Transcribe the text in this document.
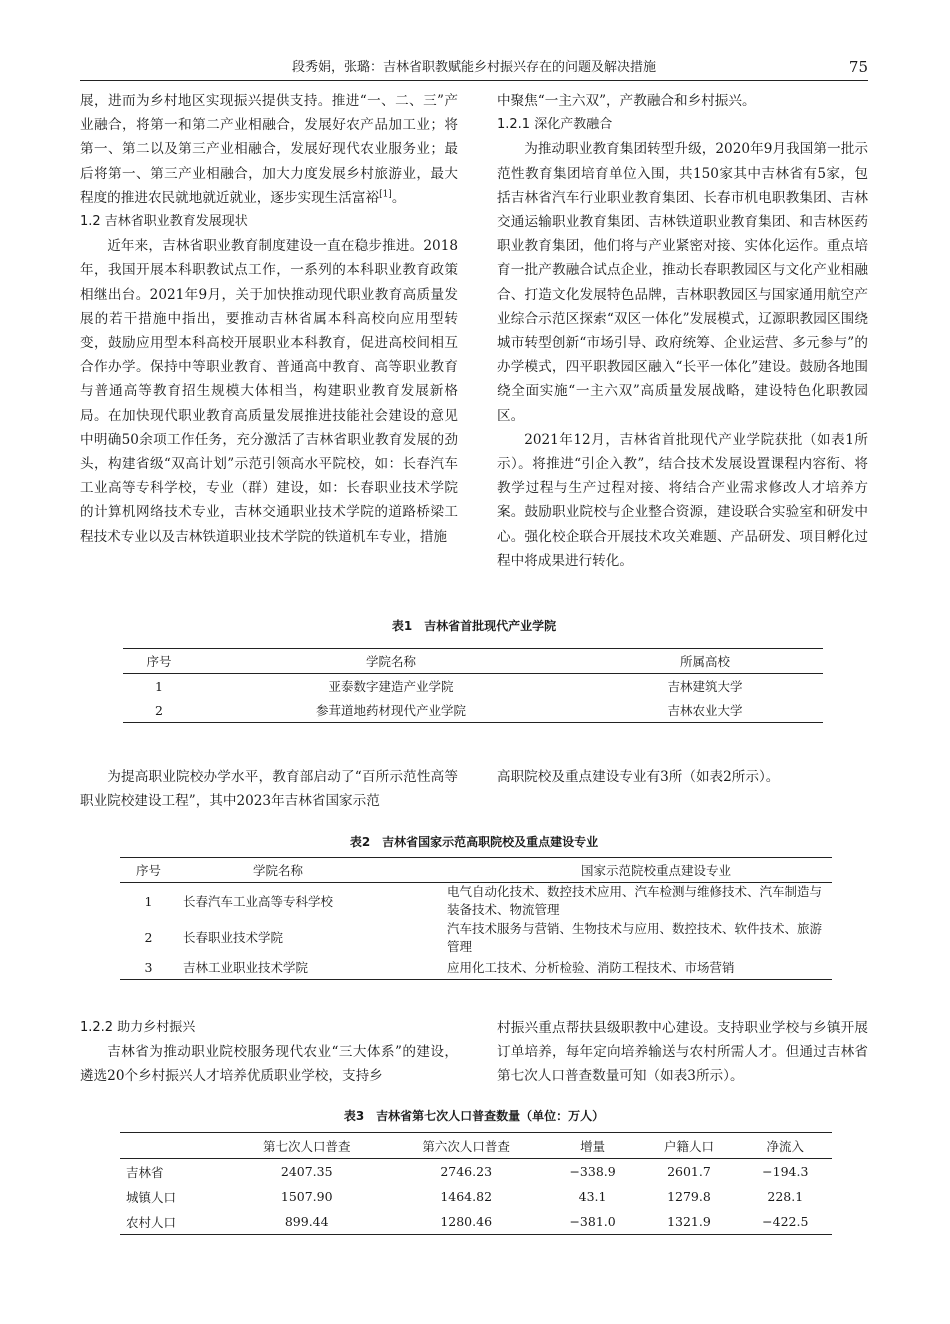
段秀娟，张璐：吉林省职教赋能乡村振兴存在的问题及解决措施	75

展，进而为乡村地区实现振兴提供支持。推进“一、二、三”产业融合，将第一和第二产业相融合，发展好农产品加工业；将第一、第二以及第三产业相融合，发展好现代农业服务业；最后将第一、第三产业相融合，加大力度发展乡村旅游业，最大程度的推进农民就地就近就业，逐步实现生活富裕[1]。

1.2 吉林省职业教育发展现状

近年来，吉林省职业教育制度建设一直在稳步推进。2018年，我国开展本科职教试点工作，一系列的本科职业教育政策相继出台。2021年9月，关于加快推动现代职业教育高质量发展的若干措施中指出，要推动吉林省属本科高校向应用型转变，鼓励应用型本科高校开展职业本科教育，促进高校间相互合作办学。保持中等职业教育、普通高中教育、高等职业教育与普通高等教育招生规模大体相当，构建职业教育发展新格局。在加快现代职业教育高质量发展推进技能社会建设的意见中明确50余项工作任务，充分激活了吉林省职业教育发展的劲头，构建省级“双高计划”示范引领高水平院校，如：长春汽车工业高等专科学校，专业（群）建设，如：长春职业技术学院的计算机网络技术专业，吉林交通职业技术学院的道路桥梁工程技术专业以及吉林铁道职业技术学院的铁道机车专业，措施

中聚焦“一主六双”，产教融合和乡村振兴。

1.2.1 深化产教融合

为推动职业教育集团转型升级，2020年9月我国第一批示范性教育集团培育单位入围，共150家其中吉林省有5家，包括吉林省汽车行业职业教育集团、长春市机电职教集团、吉林交通运输职业教育集团、吉林铁道职业教育集团、和吉林医药职业教育集团，他们将与产业紧密对接、实体化运作。重点培育一批产教融合试点企业，推动长春职教园区与文化产业相融合、打造文化发展特色品牌，吉林职教园区与国家通用航空产业综合示范区探索“双区一体化”发展模式，辽源职教园区围绕城市转型创新“市场引导、政府统筹、企业运营、多元参与”的办学模式，四平职教园区融入“长平一体化”建设。鼓励各地围绕全面实施“一主六双”高质量发展战略，建设特色化职教园区。

2021年12月，吉林省首批现代产业学院获批（如表1所示）。将推进“引企入教”，结合技术发展设置课程内容衔、将教学过程与生产过程对接、将结合产业需求修改人才培养方案。鼓励职业院校与企业整合资源，建设联合实验室和研发中心。强化校企联合开展技术攻关难题、产品研发、项目孵化过程中将成果进行转化。

表1　吉林省首批现代产业学院
序号	学院名称	所属高校
1	亚泰数字建造产业学院	吉林建筑大学
2	参茸道地药材现代产业学院	吉林农业大学

为提高职业院校办学水平，教育部启动了“百所示范性高等职业院校建设工程”，其中2023年吉林省国家示范

高职院校及重点建设专业有3所（如表2所示）。

表2　吉林省国家示范高职院校及重点建设专业
序号	学院名称	国家示范院校重点建设专业
1	长春汽车工业高等专科学校	电气自动化技术、数控技术应用、汽车检测与维修技术、汽车制造与装备技术、物流管理
2	长春职业技术学院	汽车技术服务与营销、生物技术与应用、数控技术、软件技术、旅游管理
3	吉林工业职业技术学院	应用化工技术、分析检验、消防工程技术、市场营销
1.2.2 助力乡村振兴

吉林省为推动职业院校服务现代农业“三大体系”的建设，遴选20个乡村振兴人才培养优质职业学校，支持乡

村振兴重点帮扶县级职教中心建设。支持职业学校与乡镇开展订单培养，每年定向培养输送与农村所需人才。但通过吉林省第七次人口普查数量可知（如表3所示）。

表3　吉林省第七次人口普查数量（单位：万人）
	第七次人口普查	第六次人口普查	增量	户籍人口	净流入
吉林省	2407.35	2746.23	−338.9	2601.7	−194.3
城镇人口	1507.90	1464.82	43.1	1279.8	228.1
农村人口	899.44	1280.46	−381.0	1321.9	−422.5
